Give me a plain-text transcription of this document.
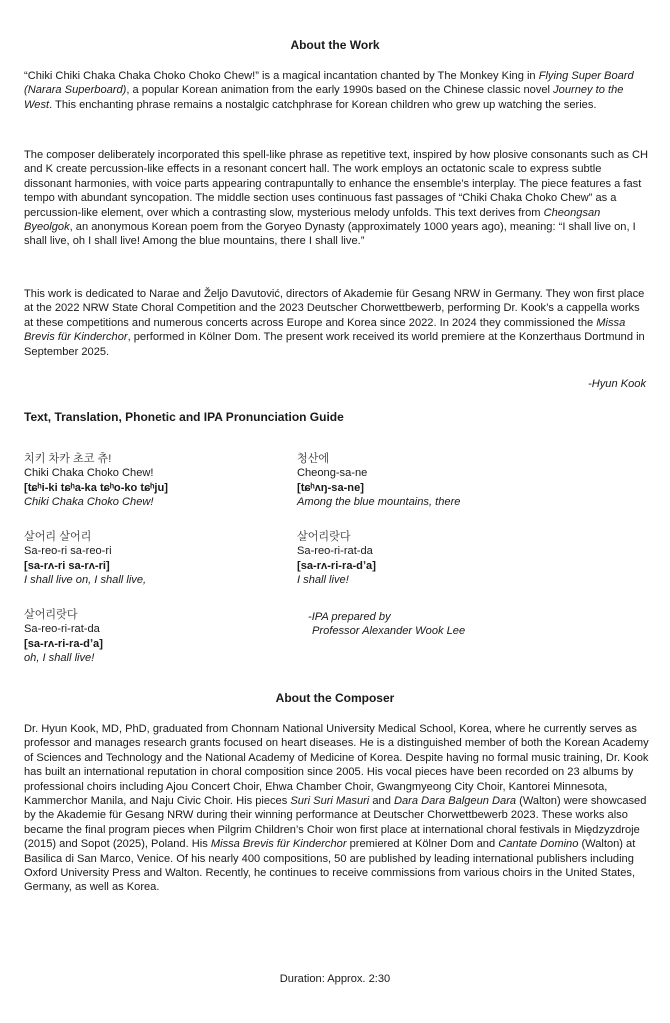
About the Work

“Chiki Chiki Chaka Chaka Choko Choko Chew!” is a magical incantation chanted by The Monkey King in Flying Super Board (Narara Superboard), a popular Korean animation from the early 1990s based on the Chinese classic novel Journey to the West. This enchanting phrase remains a nostalgic catchphrase for Korean children who grew up watching the series.

The composer deliberately incorporated this spell-like phrase as repetitive text, inspired by how plosive consonants such as CH and K create percussion-like effects in a resonant concert hall. The work employs an octatonic scale to express subtle dissonant harmonies, with voice parts appearing contrapuntally to enhance the ensemble’s interplay. The piece features a fast tempo with abundant syncopation. The middle section uses continuous fast passages of “Chiki Chaka Choko Chew” as a percussion-like element, over which a contrasting slow, mysterious melody unfolds. This text derives from Cheongsan Byeolgok, an anonymous Korean poem from the Goryeo Dynasty (approximately 1000 years ago), meaning: “I shall live on, I shall live, oh I shall live! Among the blue mountains, there I shall live.”

This work is dedicated to Narae and Željo Davutović, directors of Akademie für Gesang NRW in Germany. They won first place at the 2022 NRW State Choral Competition and the 2023 Deutscher Chorwettbewerb, performing Dr. Kook’s a cappella works at these competitions and numerous concerts across Europe and Korea since 2022. In 2024 they commissioned the Missa Brevis für Kinderchor, performed in Kölner Dom. The present work received its world premiere at the Konzerthaus Dortmund in September 2025.

-Hyun Kook
Text, Translation, Phonetic and IPA Pronunciation Guide
치키 차카 초코 츄!
Chiki Chaka Choko Chew!
[tɕʰi-ki tɕʰa-ka tɕʰo-ko tɕʰju]
Chiki Chaka Choko Chew!
살어리 살어리
Sa-reo-ri sa-reo-ri
[sa-rʌ-ri sa-rʌ-ri]
I shall live on, I shall live,
살어리랏다
Sa-reo-ri-rat-da
[sa-rʌ-ri-ra-dʼa]
oh, I shall live!
청산에
Cheong-sa-ne
[tɕʰʌŋ-sa-ne]
Among the blue mountains, there
살어리랏다
Sa-reo-ri-rat-da
[sa-rʌ-ri-ra-dʼa]
I shall live!
-IPA prepared by
Professor Alexander Wook Lee
About the Composer

Dr. Hyun Kook, MD, PhD, graduated from Chonnam National University Medical School, Korea, where he currently serves as professor and manages research grants focused on heart diseases. He is a distinguished member of both the Korean Academy of Sciences and Technology and the National Academy of Medicine of Korea. Despite having no formal music training, Dr. Kook has built an international reputation in choral composition since 2005. His vocal pieces have been recorded on 23 albums by professional choirs including Ajou Concert Choir, Ehwa Chamber Choir, Gwangmyeong City Choir, Kantorei Minnesota, Kammerchor Manila, and Naju Civic Choir. His pieces Suri Suri Masuri and Dara Dara Balgeun Dara (Walton) were showcased by the Akademie für Gesang NRW during their winning performance at Deutscher Chorwettbewerb 2023. These works also became the final program pieces when Pilgrim Children’s Choir won first place at international choral festivals in Międzyzdroje (2015) and Sopot (2025), Poland. His Missa Brevis für Kinderchor premiered at Kölner Dom and Cantate Domino (Walton) at Basilica di San Marco, Venice. Of his nearly 400 compositions, 50 are published by leading international publishers including Oxford University Press and Walton. Recently, he continues to receive commissions from various choirs in the United States, Germany, as well as Korea.

Duration: Approx. 2:30
